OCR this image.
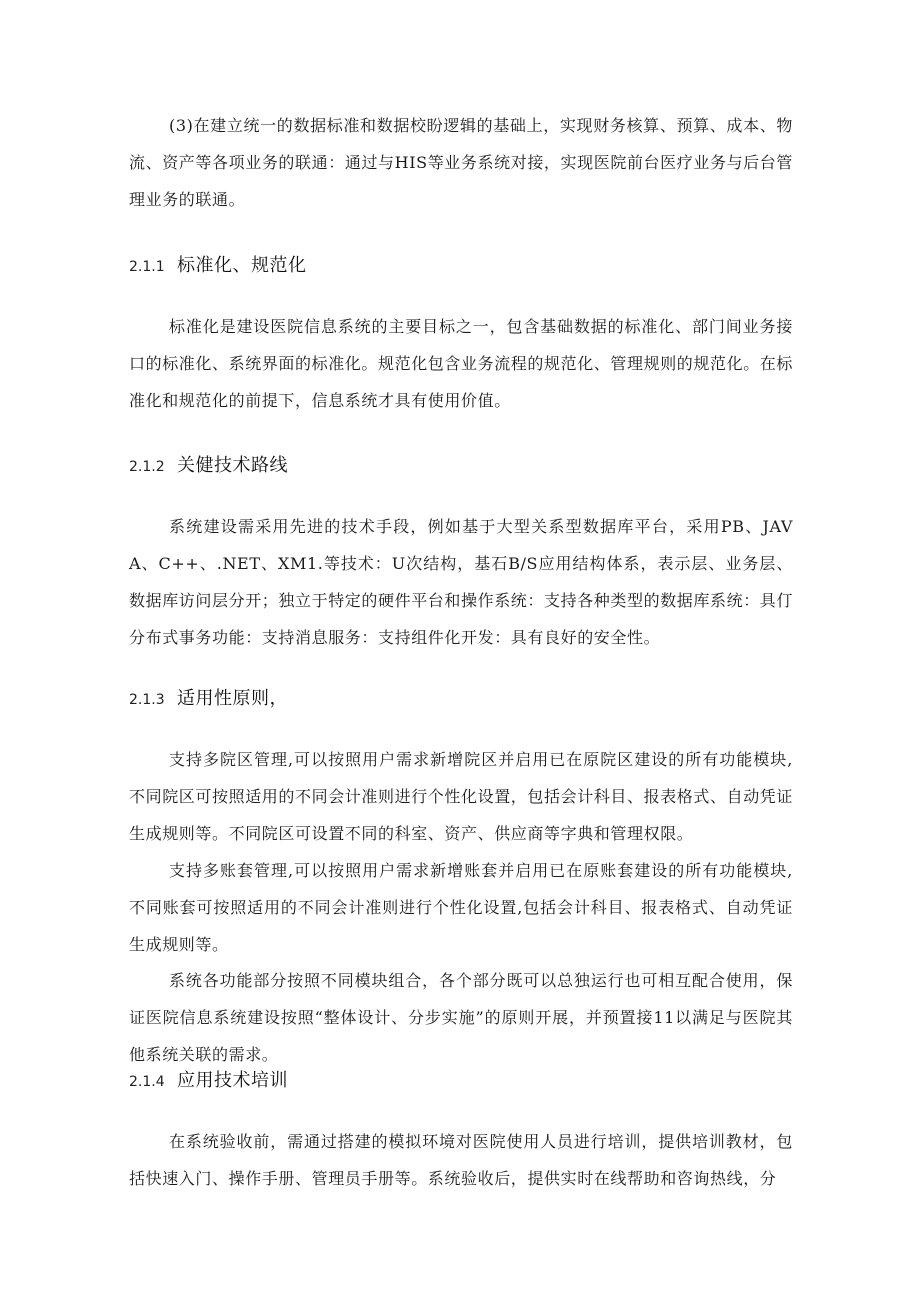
(3)在建立统一的数据标准和数据校盼逻辑的基础上，实现财务核算、预算、成本、物流、资产等各项业务的联通：通过与HIS等业务系统对接，实现医院前台医疗业务与后台管理业务的联通。

2.1.1 标准化、规范化

标准化是建设医院信息系统的主要目标之一，包含基础数据的标准化、部门间业务接口的标准化、系统界面的标准化。规范化包含业务流程的规范化、管理规则的规范化。在标准化和规范化的前提下，信息系统才具有使用价值。

2.1.2 关健技术路线

系统建设需采用先进的技术手段，例如基于大型关系型数据库平台，采用PB、JAVA、C++、.NET、XM1.等技术：U次结构，基石B/S应用结构体系，表示层、业务层、数据库访问层分开；独立于特定的硬件平台和操作系统：支持各种类型的数据库系统：具仃分布式事务功能：支持消息服务：支持组件化开发：具有良好的安全性。

2.1.3 适用性原则，

支持多院区管理,可以按照用户需求新增院区并启用已在原院区建设的所有功能模块,不同院区可按照适用的不同会计准则进行个性化设置，包括会计科目、报表格式、自动凭证生成规则等。不同院区可设置不同的科室、资产、供应商等字典和管理权限。

支持多账套管理,可以按照用户需求新增账套并启用已在原账套建设的所有功能模块,不同账套可按照适用的不同会计准则进行个性化设置,包括会计科目、报表格式、自动凭证生成规则等。

系统各功能部分按照不同模块组合，各个部分既可以总独运行也可相互配合使用，保证医院信息系统建设按照“整体设计、分步实施”的原则开展，并预置接11以满足与医院其他系统关联的需求。

2.1.4 应用技术培训

在系统验收前，需通过搭建的模拟环境对医院使用人员进行培训，提供培训教材，包括快速入门、操作手册、管理员手册等。系统验收后，提供实时在线帮助和咨询热线，分
